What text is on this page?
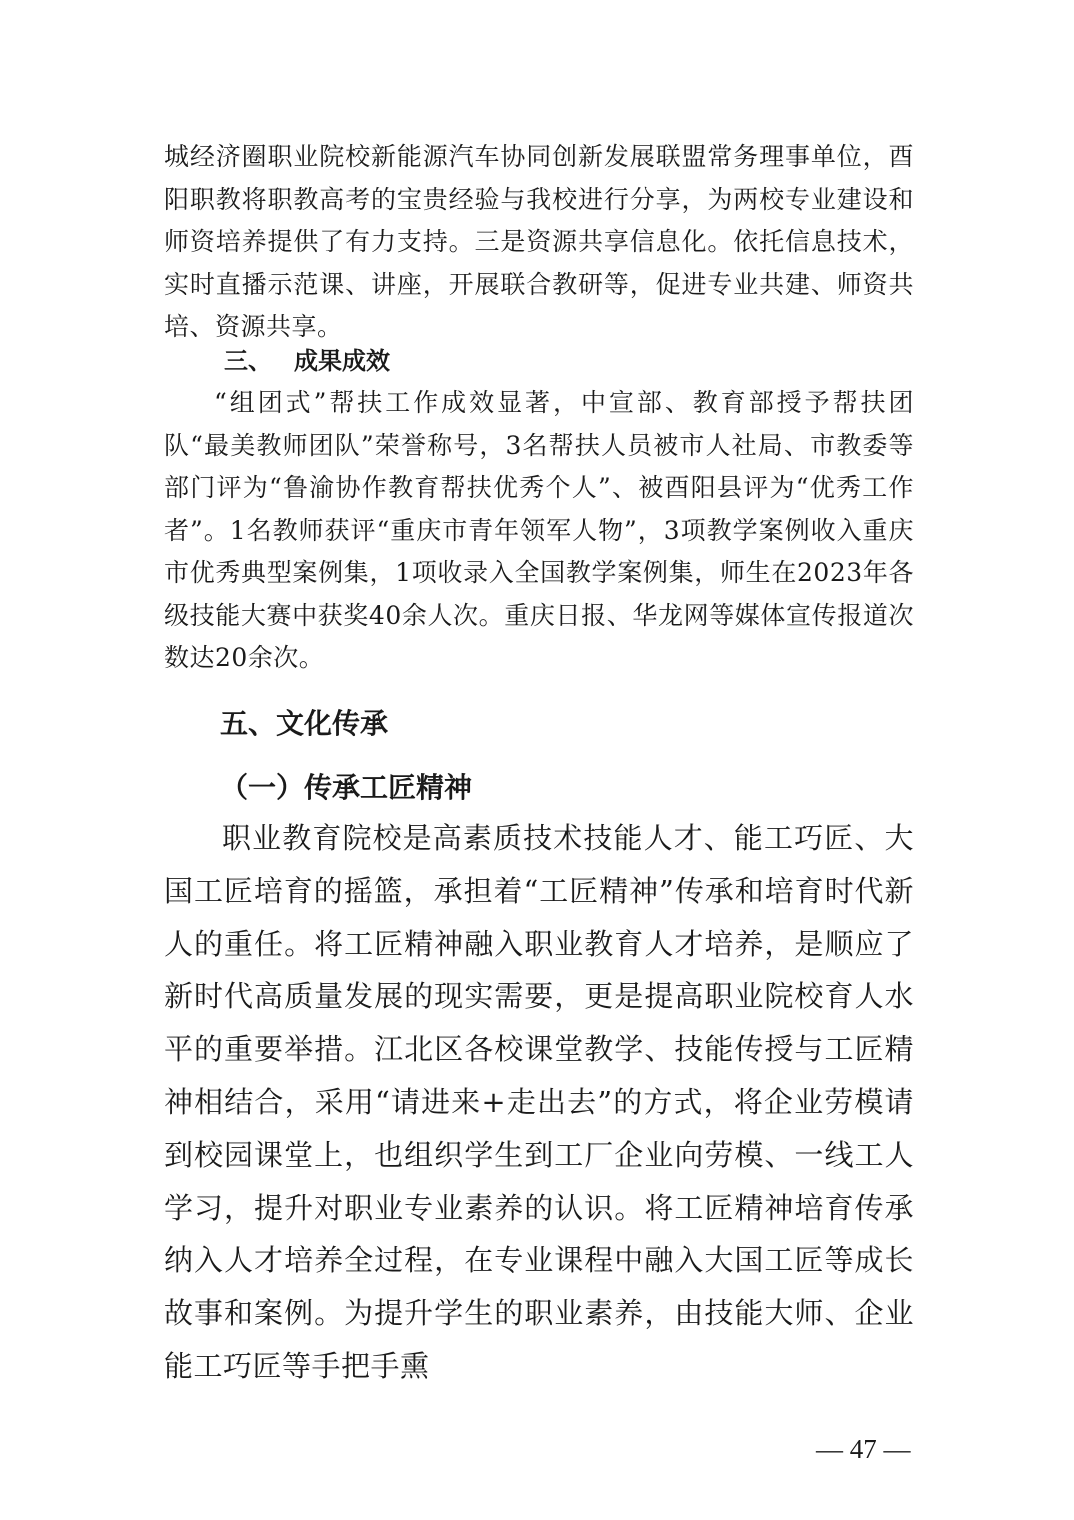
城经济圈职业院校新能源汽车协同创新发展联盟常务理事单位，酉阳职教将职教高考的宝贵经验与我校进行分享，为两校专业建设和师资培养提供了有力支持。三是资源共享信息化。依托信息技术，实时直播示范课、讲座，开展联合教研等，促进专业共建、师资共培、资源共享。

三、 成果成效

“组团式”帮扶工作成效显著，中宣部、教育部授予帮扶团队“最美教师团队”荣誉称号，3名帮扶人员被市人社局、市教委等部门评为“鲁渝协作教育帮扶优秀个人”、被酉阳县评为“优秀工作者”。1名教师获评“重庆市青年领军人物”，3项教学案例收入重庆市优秀典型案例集，1项收录入全国教学案例集，师生在2023年各级技能大赛中获奖40余人次。重庆日报、华龙网等媒体宣传报道次数达20余次。

五、文化传承

（一）传承工匠精神

职业教育院校是高素质技术技能人才、能工巧匠、大国工匠培育的摇篮，承担着“工匠精神”传承和培育时代新人的重任。将工匠精神融入职业教育人才培养，是顺应了新时代高质量发展的现实需要，更是提高职业院校育人水平的重要举措。江北区各校课堂教学、技能传授与工匠精神相结合，采用“请进来+走出去”的方式，将企业劳模请到校园课堂上，也组织学生到工厂企业向劳模、一线工人学习，提升对职业专业素养的认识。将工匠精神培育传承纳入人才培养全过程，在专业课程中融入大国工匠等成长故事和案例。为提升学生的职业素养，由技能大师、企业能工巧匠等手把手熏

— 47 —
